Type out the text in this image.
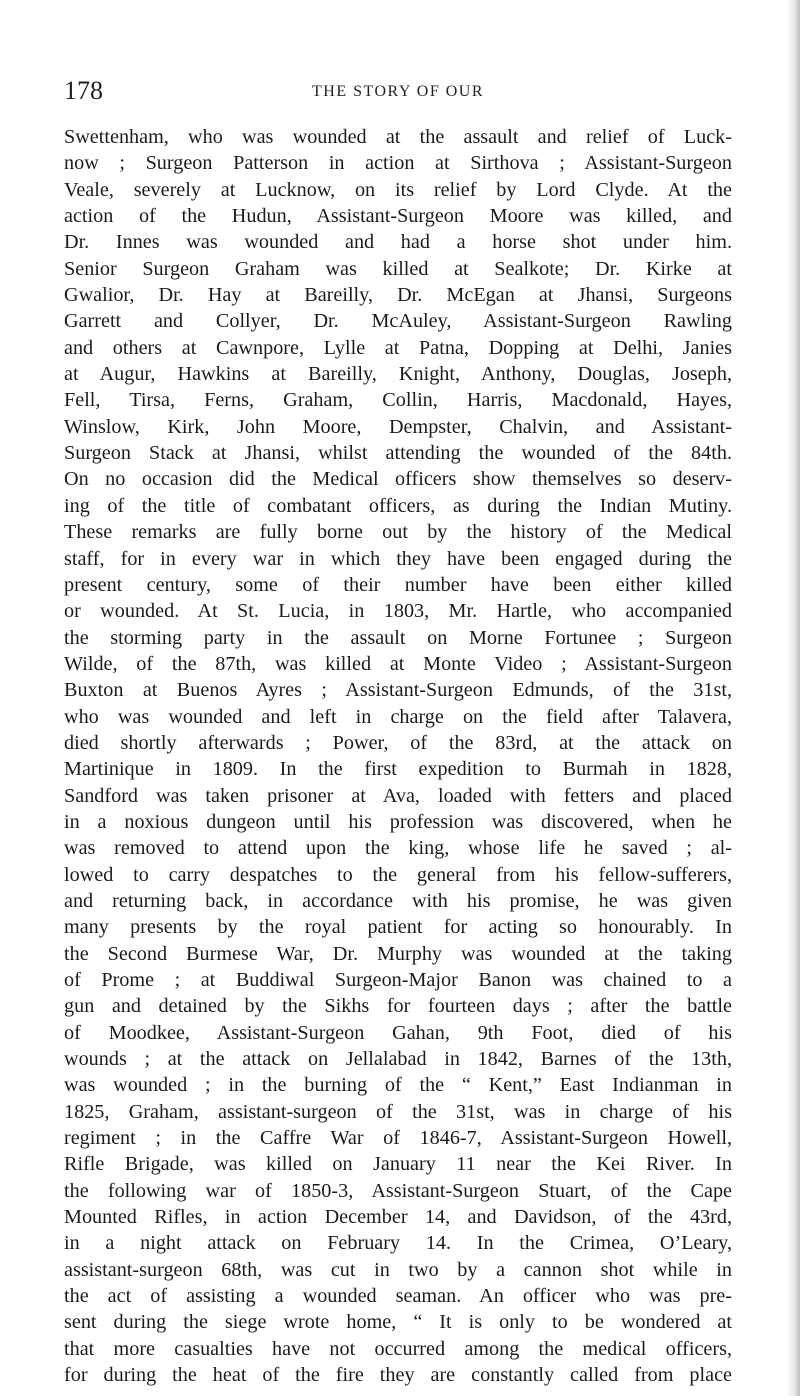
178	THE STORY OF OUR
Swettenham, who was wounded at the assault and relief of Luck-
now ; Surgeon Patterson in action at Sirthova ; Assistant-Surgeon
Veale, severely at Lucknow, on its relief by Lord Clyde. At the
action of the Hudun, Assistant-Surgeon Moore was killed, and
Dr. Innes was wounded and had a horse shot under him.
Senior Surgeon Graham was killed at Sealkote; Dr. Kirke at
Gwalior, Dr. Hay at Bareilly, Dr. McEgan at Jhansi, Surgeons
Garrett and Collyer, Dr. McAuley, Assistant-Surgeon Rawling
and others at Cawnpore, Lylle at Patna, Dopping at Delhi, Janies
at Augur, Hawkins at Bareilly, Knight, Anthony, Douglas, Joseph,
Fell, Tirsa, Ferns, Graham, Collin, Harris, Macdonald, Hayes,
Winslow, Kirk, John Moore, Dempster, Chalvin, and Assistant-
Surgeon Stack at Jhansi, whilst attending the wounded of the 84th.
On no occasion did the Medical officers show themselves so deserv-
ing of the title of combatant officers, as during the Indian Mutiny.
These remarks are fully borne out by the history of the Medical
staff, for in every war in which they have been engaged during the
present century, some of their number have been either killed
or wounded. At St. Lucia, in 1803, Mr. Hartle, who accompanied
the storming party in the assault on Morne Fortunee ; Surgeon
Wilde, of the 87th, was killed at Monte Video ; Assistant-Surgeon
Buxton at Buenos Ayres ; Assistant-Surgeon Edmunds, of the 31st,
who was wounded and left in charge on the field after Talavera,
died shortly afterwards ; Power, of the 83rd, at the attack on
Martinique in 1809. In the first expedition to Burmah in 1828,
Sandford was taken prisoner at Ava, loaded with fetters and placed
in a noxious dungeon until his profession was discovered, when he
was removed to attend upon the king, whose life he saved ; al-
lowed to carry despatches to the general from his fellow-sufferers,
and returning back, in accordance with his promise, he was given
many presents by the royal patient for acting so honourably. In
the Second Burmese War, Dr. Murphy was wounded at the taking
of Prome ; at Buddiwal Surgeon-Major Banon was chained to a
gun and detained by the Sikhs for fourteen days ; after the battle
of Moodkee, Assistant-Surgeon Gahan, 9th Foot, died of his
wounds ; at the attack on Jellalabad in 1842, Barnes of the 13th,
was wounded ; in the burning of the “ Kent,” East Indianman in
1825, Graham, assistant-surgeon of the 31st, was in charge of his
regiment ; in the Caffre War of 1846-7, Assistant-Surgeon Howell,
Rifle Brigade, was killed on January 11 near the Kei River. In
the following war of 1850-3, Assistant-Surgeon Stuart, of the Cape
Mounted Rifles, in action December 14, and Davidson, of the 43rd,
in a night attack on February 14. In the Crimea, O’Leary,
assistant-surgeon 68th, was cut in two by a cannon shot while in
the act of assisting a wounded seaman. An officer who was pre-
sent during the siege wrote home, “ It is only to be wondered at
that more casualties have not occurred among the medical officers,
for during the heat of the fire they are constantly called from place
